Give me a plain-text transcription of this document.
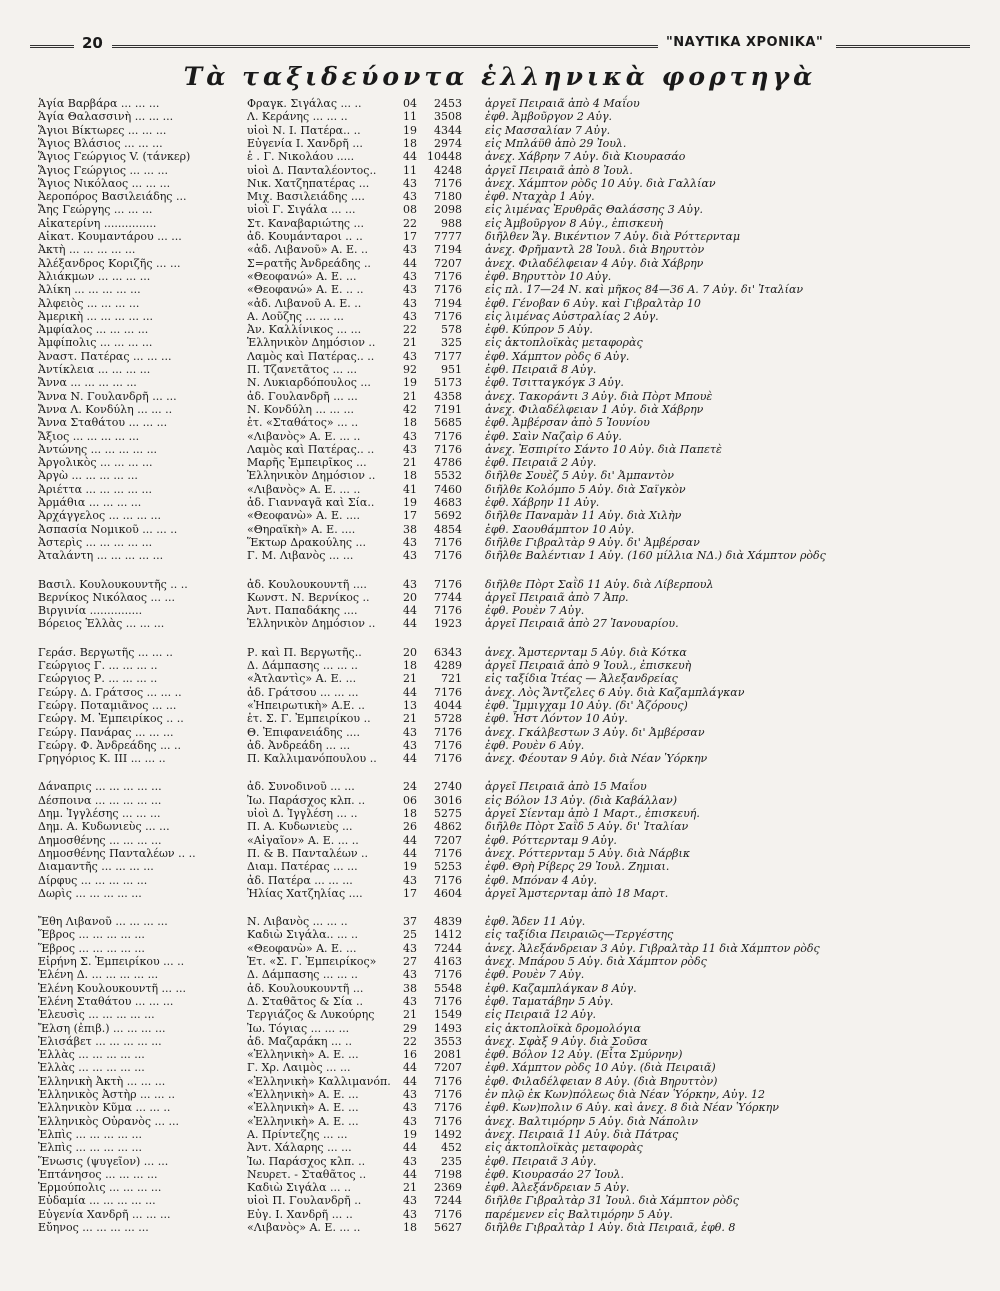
20	"ΝΑΥΤΙΚΑ ΧΡΟΝΙΚΑ"
Τὰ ταξιδεύοντα ἑλληνικὰ φορτηγὰ
Ἁγία Βαρβάρα ... ... ...	Φραγκ. Σιγάλας ... ..	04	2453 ἀργεῖ Πειραιᾶ ἀπὸ 4 Μαΐου
Ἁγία Θαλασσινὴ ... ... ...	Λ. Κεράνης ... ... ..	11	3508 ἐφθ. Ἀμβοῦργον 2 Αὐγ.
Ἅγιοι Βίκτωρες ... ... ...	υἱοὶ Ν. Ι. Πατέρα.. ..	19	4344 εἰς Μασσαλίαν 7 Αὐγ.
Ἅγιος Βλάσιος ... ... ...	Εὐγενία Ι. Χανδρῆ ...	18	2974 εἰς Μπλάϋθ ἀπὸ 29 Ἰουλ.
Ἅγιος Γεώργιος V. (τάνκερ)	ἑ . Γ. Νικολάου .....	44 10448 ἀνεχ. Χάβρην 7 Αὐγ. διὰ Κιουρασάο
Ἅγιος Γεώργιος ... ... ...	υἱοὶ Δ. Πανταλέοντος..	11	4248 ἀργεῖ Πειραιᾶ ἀπὸ 8 Ἰουλ.
Ἅγιος Νικόλαος ... ... ...	Νικ. Χατζηπατέρας ...	43	7176 ἀνεχ. Χάμπτον ρὸδς 10 Αὐγ. διὰ Γαλλίαν
Ἀεροπόρος Βασιλειάδης ...	Μιχ. Βασιλειάδης ....	43	7180 ἐφθ. Νταχὰρ 1 Αὐγ.
Ἄης Γεώργης ... ... ...	υἱοὶ Γ. Σιγάλα ... ...	08	2098 εἰς λιμένας Ἐρυθρᾶς Θαλάσσης 3 Αὐγ.
Αἰκατερίνη ...............	Στ. Καναβαριώτης ...	22	988 εἰς Ἀμβοῦργον 8 Αὐγ., ἐπισκευὴ
Αἰκατ. Κουμαντάρου ... ...	ἀδ. Κουμάνταροι .. ..	17	7777 διῆλθεν Ἅγ. Βικέντιον 7 Αὐγ. διὰ Ρόττερνταμ
Ἀκτὴ ... ... ... ... ...	«ἀδ. Λιβανοῦ» Α. Ε. ..	43	7194 ἀνεχ. Φρῆμαντλ 28 Ἰουλ. διὰ Βηρυττὸν
Ἀλέξανδρος Κοριζῆς ... ...	Σ=ρατῆς Ἀνδρεάδης ..	44	7207 ἀνεχ. Φιλαδέλφειαν 4 Αὐγ. διὰ Χάβρην
Ἀλιάκμων ... ... ... ...	«Θεοφανώ» Α. Ε. ...	43	7176 ἐφθ. Βηρυττὸν 10 Αὐγ.
Ἀλίκη ... ... ... ... ...	«Θεοφανώ» Α. Ε. .. ..	43	7176 εἰς πλ. 17—24 Ν. καὶ μῆκος 84—36 Α. 7 Αὐγ. δι' Ἰταλίαν
Ἀλφειὸς ... ... ... ...	«ἀδ. Λιβανοῦ Α. Ε. ..	43	7194 ἐφθ. Γένοβαν 6 Αὐγ. καὶ Γιβραλτὰρ 10
Ἀμερικὴ ... ... ... ... ...	Α. Λοῦζης ... ... ...	43	7176 εἰς λιμένας Αὐστραλίας 2 Αὐγ.
Ἀμφίαλος ... ... ... ...	Ἀν. Καλλίνικος ... ...	22	578 ἐφθ. Κύπρον 5 Αὐγ.
Ἀμφίπολις ... ... ... ...	Ἑλληνικὸν Δημόσιον ..	21	325 εἰς ἀκτοπλοϊκὰς μεταφορὰς
Ἀναστ. Πατέρας ... ... ...	Λαμὸς καὶ Πατέρας.. ..	43	7177 ἐφθ. Χάμπτον ρὸδς 6 Αὐγ.
Ἀντίκλεια ... ... ... ...	Π. Τζανετᾶτος ... ...	92	951 ἐφθ. Πειραιᾶ 8 Αὐγ.
Ἄννα ... ... ... ... ...	Ν. Λυκιαρδόπουλος ...	19	5173 ἐφθ. Τσιτταγκόγκ 3 Αὐγ.
Ἄννα Ν. Γουλανδρῆ ... ...	ἀδ. Γουλανδρῆ ... ...	21	4358 ἀνεχ. Τακοράντι 3 Αὐγ. διὰ Πὸρτ Μπουὲ
Ἄννα Λ. Κονδύλη ... ... ..	Ν. Κονδύλη ... ... ...	42	7191 ἀνεχ. Φιλαδέλφειαν 1 Αὐγ. διὰ Χάβρην
Ἄννα Σταθάτου ... ... ...	ἑτ. «Σταθάτος» ... ..	18	5685 ἐφθ. Ἀμβέρσαν ἀπὸ 5 Ἰουνίου
Ἄξιος ... ... ... ... ...	«Λιβανὸς» Α. Ε. ... ..	43	7176 ἐφθ. Σαὶν Ναζαὶρ 6 Αὐγ.
Ἀντώνης ... ... ... ... ...	Λαμὸς καὶ Πατέρας.. ..	43	7176 ἀνεχ. Ἐσπιρίτο Σάντο 10 Αὐγ. διὰ Παπετὲ
Ἀργολικὸς ... ... ... ...	Μαρῆς Ἐμπειρῖκος ...	21	4786 ἐφθ. Πειραιᾶ 2 Αὐγ.
Ἀργὼ ... ... ... ... ...	Ἑλληνικὸν Δημόσιον ..	18	5532 διῆλθε Σουὲζ 5 Αὐγ. δι' Ἀμπαντὸν
Ἀριέττα ... ... ... ... ...	«Λιβανὸς» Α. Ε. ... ..	41	7460 διῆλθε Κολόμπο 5 Αὐγ. διὰ Σαϊγκὸν
Ἀρμάθια ... ... ... ...	ἀδ. Γιανναγᾶ καὶ Σία..	19	4683 ἐφθ. Χάβρην 11 Αὐγ.
Ἀρχάγγελος ... ... ... ...	«Θεοφανὼ» Α. Ε. ....	17	5692 διῆλθε Παναμὰν 11 Αὐγ. διὰ Χιλὴν
Ἀσπασία Νομικοῦ ... ... ..	«Θηραϊκὴ» Α. Ε. ....	38	4854 ἐφθ. Σαουθάμπτον 10 Αὐγ.
Ἀστερὶς ... ... ... ... ...	Ἕκτωρ Δρακούλης ...	43	7176 διῆλθε Γιβραλτὰρ 9 Αὐγ. δι' Ἀμβέρσαν
Ἀταλάντη ... ... ... ... ...	Γ. Μ. Λιβανὸς ... ...	43	7176 διῆλθε Βαλέντιαν 1 Αὐγ. (160 μίλλια ΝΔ.) διὰ Χάμπτον ρὸδς
Βασιλ. Κουλουκουντῆς .. ..	ἀδ. Κουλουκουντῆ ....	43	7176 διῆλθε Πὸρτ Σαῒδ 11 Αὐγ. διὰ Λίβερπουλ
Βερνίκος Νικόλαος ... ...	Κωνστ. Ν. Βερνίκος ..	20	7744 ἀργεῖ Πειραιᾶ ἀπὸ 7 Ἀπρ.
Βιργινία ...............	Ἀντ. Παπαδάκης ....	44	7176 ἐφθ. Ρουὲν 7 Αὐγ.
Βόρειος Ἑλλὰς ... ... ...	Ἑλληνικὸν Δημόσιον ..	44	1923 ἀργεῖ Πειραιᾶ ἀπὸ 27 Ἰανουαρίου.
Γεράσ. Βεργωτῆς ... ... ..	Ρ. καὶ Π. Βεργωτῆς..	20	6343 ἀνεχ. Ἄμστερνταμ 5 Αὐγ. διὰ Κότκα
Γεώργιος Γ. ... ... ... ..	Δ. Δάμπασης ... ... ..	18	4289 ἀργεῖ Πειραιᾶ ἀπὸ 9 Ἰουλ., ἐπισκευὴ
Γεώργιος Ρ. ... ... ... ..	«Ἀτλαντὶς» Α. Ε. ...	21	721 εἰς ταξίδια Ἰτέας — Ἀλεξανδρείας
Γεώργ. Δ. Γράτσος ... ... ..	ἀδ. Γράτσου ... ... ...	44	7176 ἀνεχ. Λὸς Ἄντζελες 6 Αὐγ. διὰ Καζαμπλάγκαν
Γεώργ. Ποταμιᾶνος ... ...	«Ἠπειρωτικὴ» Α.Ε. ..	13	4044 ἐφθ. Ἴμμιγχαμ 10 Αὐγ. (δι' Ἀζόρους)
Γεώργ. Μ. Ἐμπειρίκος .. ..	ἑτ. Σ. Γ. Ἐμπειρίκου ..	21	5728 ἐφθ. Ἧστ Λόντον 10 Αὐγ.
Γεώργ. Πανάρας ... ... ...	Θ. Ἐπιφανειάδης ....	43	7176 ἀνεχ. Γκάλβεστων 3 Αὐγ. δι' Ἀμβέρσαν
Γεώργ. Φ. Ἀνδρεάδης ... ..	ἀδ. Ἀνδρεάδη ... ...	43	7176 ἐφθ. Ρουὲν 6 Αὐγ.
Γρηγόριος Κ. ΙΙΙ ... ... ..	Π. Καλλιμανόπουλου ..	44	7176 ἀνεχ. Φέουταν 9 Αὐγ. διὰ Νέαν Ὑόρκην
Δάναπρις ... ... ... ... ...	ἀδ. Συνοδινοῦ ... ...	24	2740 ἀργεῖ Πειραιᾶ ἀπὸ 15 Μαΐου
Δέσποινα ... ... ... ... ...	Ἰω. Παράσχος κλπ. ..	06	3016 εἰς Βόλον 13 Αὐγ. (διὰ Καβάλλαν)
Δημ. Ἰγγλέσης ... ... ...	υἱοὶ Δ. Ἰγγλέση ... ..	18	5275 ἀργεῖ Σίενταμ ἀπὸ 1 Μαρτ., ἐπισκευή.
Δημ. Α. Κυδωνιεὺς ... ...	Π. Α. Κυδωνιεὺς ...	26	4862 διῆλθε Πὸρτ Σαῒδ 5 Αὐγ. δι' Ἰταλίαν
Δημοσθένης ... ... ... ...	«Αἰγαῖον» Α. Ε. ... ..	44	7207 ἐφθ. Ρόττερνταμ 9 Αὐγ.
Δημοσθένης Πανταλέων .. ..	Π. & Β. Πανταλέων ..	44	7176 ἀνεχ. Ρόττερνταμ 5 Αὐγ. διὰ Νάρβικ
Διαμαντῆς ... ... ... ...	Διαμ. Πατέρας ... ...	19	5253 ἐφθ. Θρὴ Ρίβερς 29 Ἰουλ. Ζημιαι.
Δίρφυς ... ... ... ... ...	ἀδ. Πατέρα ... ... ...	43	7176 ἐφθ. Μπόναν 4 Αὐγ.
Δωρὶς ... ... ... ... ...	Ἠλίας Χατζηλίας ....	17	4604 ἀργεῖ Ἄμστερνταμ ἀπὸ 18 Μαρτ.
Ἔθη Λιβανοῦ ... ... ... ...	Ν. Λιβανὸς ... ... ..	37	4839 ἐφθ. Ἄδεν 11 Αὐγ.
Ἕβρος ... ... ... ... ...	Καδιὼ Σιγάλα.. ... ..	25	1412 εἰς ταξίδια Πειραιῶς—Τεργέστης
Ἕβρος ... ... ... ... ...	«Θεοφανὼ» Α. Ε. ...	43	7244 ἀνεχ. Ἀλεξάνδρειαν 3 Αὐγ. Γιβραλτὰρ 11 διὰ Χάμπτον ρὸδς
Εἰρήνη Σ. Ἐμπειρίκου ... ..	Ἑτ. «Σ. Γ. Ἐμπειρίκος»	27	4163 ἀνεχ. Μπάρου 5 Αὐγ. διὰ Χάμπτον ρὸδς
Ἑλένη Δ. ... ... ... ... ...	Δ. Δάμπασης ... ... ..	43	7176 ἐφθ. Ρουὲν 7 Αὐγ.
Ἑλένη Κουλουκουντῆ ... ...	ἀδ. Κουλουκουντῆ ...	38	5548 ἐφθ. Καζαμπλάγκαν 8 Αὐγ.
Ἑλένη Σταθάτου ... ... ...	Δ. Σταθᾶτος & Σία ..	43	7176 ἐφθ. Ταματάβην 5 Αὐγ.
Ἐλευσὶς ... ... ... ... ...	Τεργιάζος & Λυκούρης	21	1549 εἰς Πειραιᾶ 12 Αὐγ.
Ἔλση (ἐπιβ.) ... ... ... ...	Ἰω. Τόγιας ... ... ...	29	1493 εἰς ἀκτοπλοϊκὰ δρομολόγια
Ἐλισάβετ ... ... ... ... ...	ἀδ. Μαζαράκη ... ..	22	3553 ἀνεχ. Σφὰξ 9 Αὐγ. διὰ Σοῦσα
Ἑλλὰς ... ... ... ... ...	«Ἑλληνικὴ» Α. Ε. ...	16	2081 ἐφθ. Βόλον 12 Αὐγ. (Εἶτα Σμύρνην)
Ἑλλὰς ... ... ... ... ...	Γ. Χρ. Λαιμὸς ... ...	44	7207 ἐφθ. Χάμπτον ρὸδς 10 Αὐγ. (διὰ Πειραιᾶ)
Ἑλληνικὴ Ἀκτὴ ... ... ...	«Ἑλληνικὴ» Καλλιμανόπ.	44	7176 ἐφθ. Φιλαδέλφειαν 8 Αὐγ. (διὰ Βηρυττὸν)
Ἑλληνικὸς Ἀστὴρ ... ... ..	«Ἑλληνικὴ» Α. Ε. ...	43	7176 ἐν πλῷ ἐκ Κων)πόλεως διὰ Νέαν Ὑόρκην, Αὐγ. 12
Ἑλληνικὸν Κῦμα ... ... ..	«Ἑλληνικὴ» Α. Ε. ...	43	7176 ἐφθ. Κων)πολιν 6 Αὐγ. καὶ ἀνεχ. 8 διὰ Νέαν Ὑόρκην
Ἑλληνικὸς Οὐρανὸς ... ...	«Ἑλληνικὴ» Α. Ε. ...	43	7176 ἀνεχ. Βαλτιμόρην 5 Αὐγ. διὰ Νάπολιν
Ἐλπὶς ... ... ... ... ...	Α. Πρίντεζης ... ...	19	1492 ἀνεχ. Πειραιᾶ 11 Αὐγ. διὰ Πάτρας
Ἐλπὶς ... ... ... ... ...	Ἀντ. Χάλαρης ... ...	44	452 εἰς ἀκτοπλοϊκὰς μεταφορὰς
Ἕνωσις (ψυγεῖον) ... ...	Ἰω. Παράσχος κλπ. ..	43	235 ἐφθ. Πειραιᾶ 3 Αὐγ.
Ἑπτάνησος ... ... ... ...	Νευρετ. - Σταθᾶτος ..	44	7198 ἐφθ. Κιουρασάο 27 Ἰουλ.
Ἑρμούπολις ... ... ... ...	Καδιὼ Σιγάλα ... ..	21	2369 ἐφθ. Ἀλεξάνδρειαν 5 Αὐγ.
Εὐδαμία ... ... ... ... ...	υἱοὶ Π. Γουλανδρῆ ..	43	7244 διῆλθε Γιβραλτὰρ 31 Ἰουλ. διὰ Χάμπτον ρὸδς
Εὐγενία Χανδρῆ ... ... ...	Εὐγ. Ι. Χανδρῆ ... ..	43	7176 παρέμενεν εἰς Βαλτιμόρην 5 Αὐγ.
Εὔηνος ... ... ... ... ...	«Λιβανὸς» Α. Ε. ... ..	18	5627 διῆλθε Γιβραλτὰρ 1 Αὐγ. διὰ Πειραιᾶ, ἐφθ. 8
